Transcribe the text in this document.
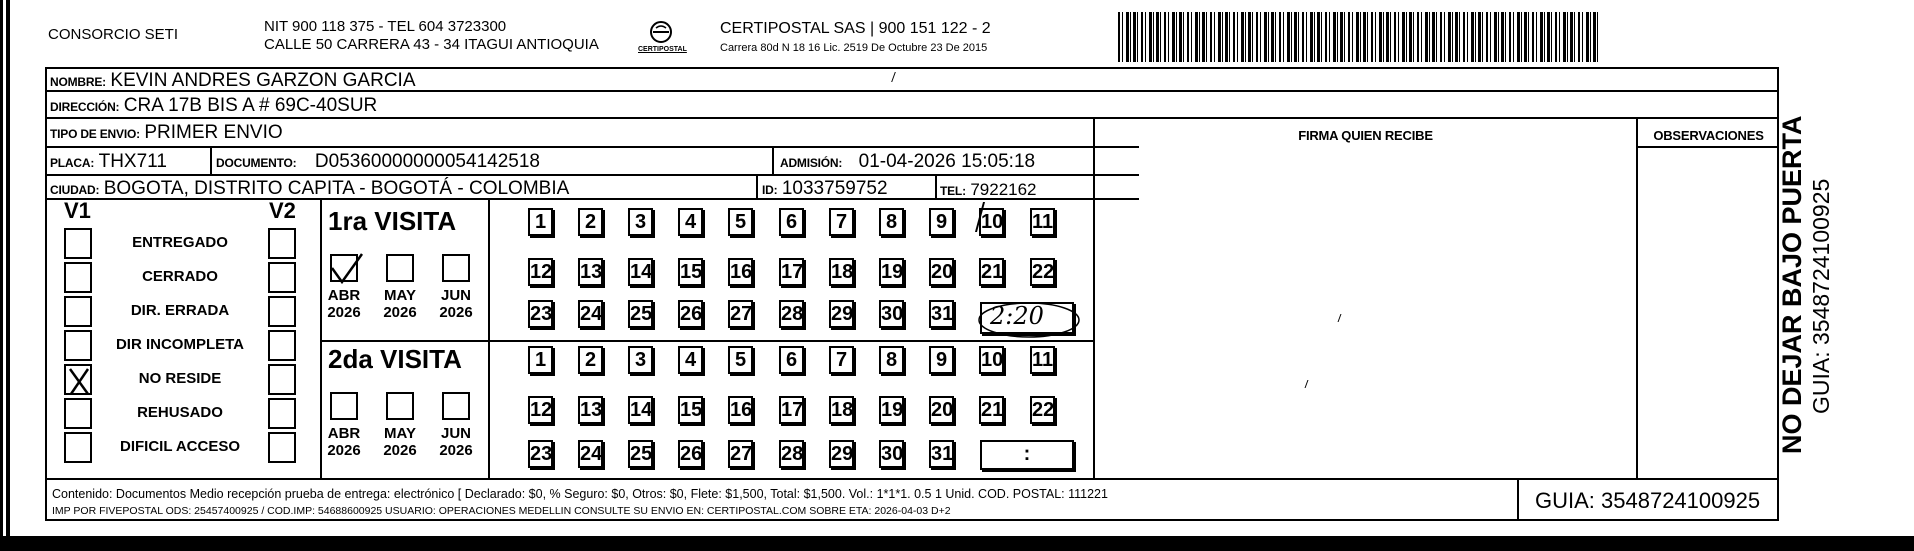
CONSORCIO SETI	NIT 900 118 375 - TEL 604 3723300
CALLE 50 CARRERA 43 - 34 ITAGUI ANTIOQUIA	CERTIPOSTAL
CERTIPOSTAL SAS | 900 151 122 - 2
Carrera 80d N 18 16 Lic. 2519 De Octubre 23 De 2015
NOMBRE: KEVIN ANDRES GARZON GARCIA
DIRECCIÓN: CRA 17B BIS A # 69C-40SUR
TIPO DE ENVIO: PRIMER ENVIO	FIRMA QUIEN RECIBE	OBSERVACIONES
PLACA: THX711	DOCUMENTO: D05360000000054142518	ADMISIÓN: 01-04-2026 15:05:18
CIUDAD: BOGOTA, DISTRITO CAPITA - BOGOTÁ - COLOMBIA	ID: 1033759752	TEL: 7922162
V1	V2
ENTREGADO
CERRADO
DIR. ERRADA
DIR INCOMPLETA
NO RESIDE
REHUSADO
DIFICIL ACCESO
1ra VISITA
2da VISITA
ABR
2026
MAY
2026
JUN
2026
ABR
2026
MAY
2026
JUN
2026
1	2	3	4	5	6	7	8	9	10 11
12 13 14 15 16 17 18 19 20 21 22
23 24 25 26 27 28 29 30 31
1	2	3	4	5	6	7	8	9	10 11
12 13 14 15 16 17 18 19 20 21 22
23 24 25 26 27 28 29 30 31
2:20
:
Contenido: Documentos Medio recepción prueba de entrega: electrónico [ Declarado: $0, % Seguro: $0, Otros: $0, Flete: $1,500, Total: $1,500. Vol.: 1*1*1. 0.5 1 Unid. COD. POSTAL: 111221
IMP POR FIVEPOSTAL ODS: 25457400925 / COD.IMP: 54688600925 USUARIO: OPERACIONES MEDELLIN CONSULTE SU ENVIO EN: CERTIPOSTAL.COM SOBRE ETA: 2026-04-03 D+2	GUIA: 3548724100925
NO DEJAR BAJO PUERTA GUIA: 3548724100925
